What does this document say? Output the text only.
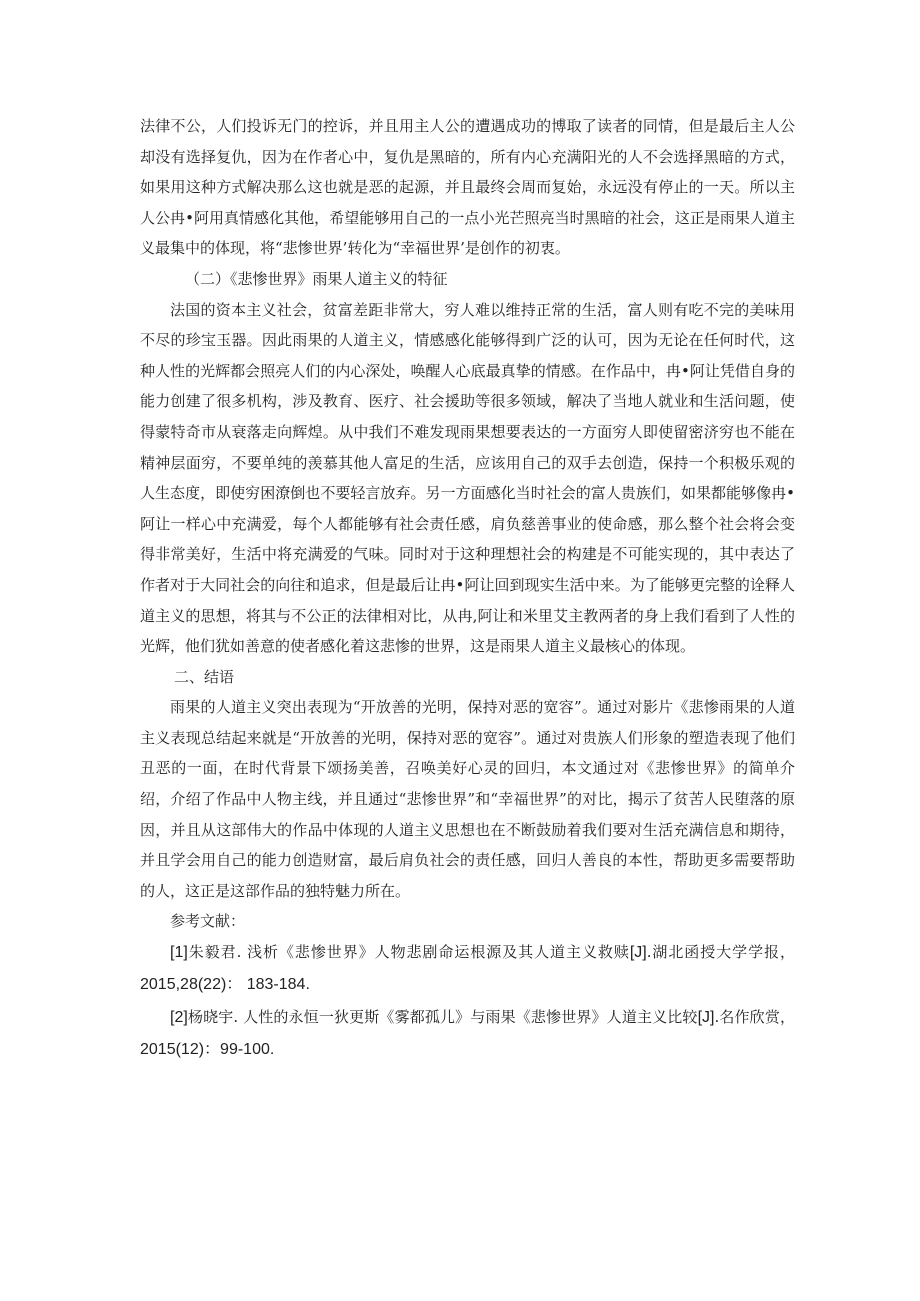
法律不公，人们投诉无门的控诉，并且用主人公的遭遇成功的博取了读者的同情，但是最后主人公却没有选择复仇，因为在作者心中，复仇是黑暗的，所有内心充满阳光的人不会选择黑暗的方式，如果用这种方式解决那么这也就是恶的起源，并且最终会周而复始，永远没有停止的一天。所以主人公冉•阿用真情感化其他，希望能够用自己的一点小光芒照亮当时黑暗的社会，这正是雨果人道主义最集中的体现，将“悲惨世界’转化为“幸福世界’是创作的初衷。

（二）《悲惨世界》雨果人道主义的特征

法国的资本主义社会，贫富差距非常大，穷人难以维持正常的生活，富人则有吃不完的美味用不尽的珍宝玉器。因此雨果的人道主义，情感感化能够得到广泛的认可，因为无论在任何时代，这种人性的光辉都会照亮人们的内心深处，唤醒人心底最真挚的情感。在作品中，冉•阿让凭借自身的能力创建了很多机构，涉及教育、医疗、社会援助等很多领域，解决了当地人就业和生活问题，使得蒙特奇市从衰落走向辉煌。从中我们不难发现雨果想要表达的一方面穷人即使留密济穷也不能在精神层面穷，不要单纯的羡慕其他人富足的生活，应该用自己的双手去创造，保持一个积极乐观的人生态度，即使穷困潦倒也不要轻言放弃。另一方面感化当时社会的富人贵族们，如果都能够像冉•阿让一样心中充满爱，每个人都能够有社会责任感，肩负慈善事业的使命感，那么整个社会将会变得非常美好，生活中将充满爱的气味。同时对于这种理想社会的构建是不可能实现的，其中表达了作者对于大同社会的向往和追求，但是最后让冉•阿让回到现实生活中来。为了能够更完整的诠释人道主义的思想，将其与不公正的法律相对比，从冉,阿让和米里艾主教两者的身上我们看到了人性的光辉，他们犹如善意的使者感化着这悲惨的世界，这是雨果人道主义最核心的体现。

二、结语

雨果的人道主义突出表现为“开放善的光明，保持对恶的宽容”。通过对影片《悲惨雨果的人道主义表现总结起来就是“开放善的光明，保持对恶的宽容”。通过对贵族人们形象的塑造表现了他们丑恶的一面，在时代背景下颂扬美善，召唤美好心灵的回归，本文通过对《悲惨世界》的简单介绍，介绍了作品中人物主线，并且通过“悲惨世界”和“幸福世界”的对比，揭示了贫苦人民堕落的原因，并且从这部伟大的作品中体现的人道主义思想也在不断鼓励着我们要对生活充满信息和期待，并且学会用自己的能力创造财富，最后肩负社会的责任感，回归人善良的本性，帮助更多需要帮助的人，这正是这部作品的独特魅力所在。

参考文献：

[1]朱毅君. 浅析《悲惨世界》人物悲剧命运根源及其人道主义救赎[J].湖北函授大学学报，2015,28(22)： 183-184.

[2]杨晓宇. 人性的永恒一狄更斯《雾都孤儿》与雨果《悲惨世界》人道主义比较[J].名作欣赏，2015(12)：99-100.
